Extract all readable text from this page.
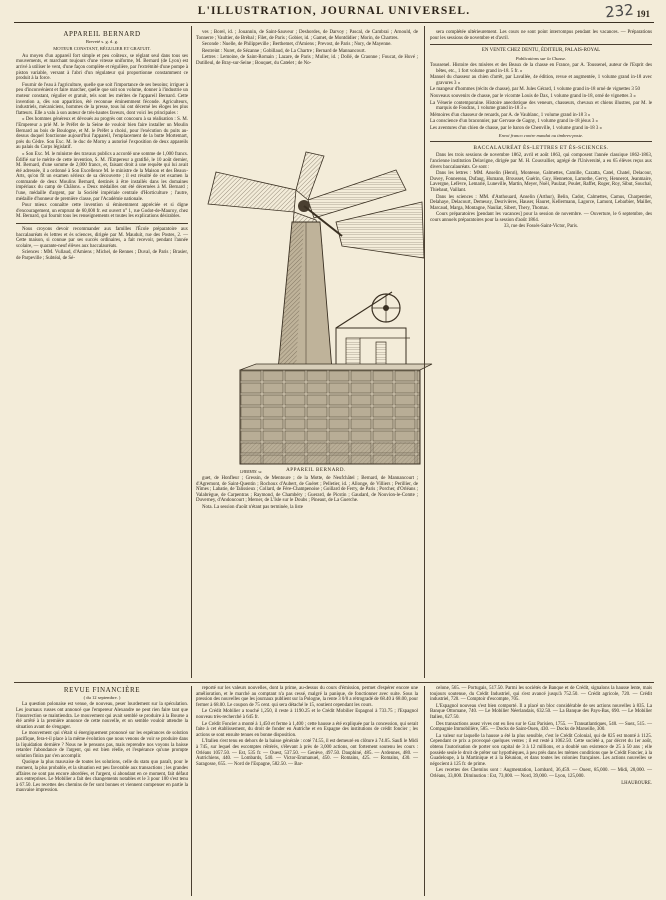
L'ILLUSTRATION, JOURNAL UNIVERSEL.	191
232
APPAREIL BERNARD
Breveté s. g. d. g.
MOTEUR CONSTANT, RÉGULIER ET GRATUIT.

Au moyen d'un appareil fort simple et peu coûteux, se réglant seul dans tous ses mouvements, et marchant toujours d'une vitesse uniforme, M. Bernard (de Lyon) est arrivé à utiliser le vent, d'une façon complète et régulière, par l'extrémité d'une pompe à piston variable, versant à l'abri d'un régulateur qui proportionne constamment ce produit à la force.

Fournir de l'eau à l'agriculture, quelle que soit l'importance de ses besoins; irriguer à peu d'inconvénient et faire marcher, quelle que soit son volume, donner à l'industrie un moteur constant, régulier et gratuit, tels sont les mérites de l'appareil Bernard. Cette invention a, dès son apparition, été reconnue éminemment féconde. Agriculteurs, industriels, mécaniciens, hommes de la presse, tous lui ont décerné les éloges les plus flatteurs. Elle a valu à son auteur de très-hautes faveurs, dont voici les principales :

« Des hommes généreux et dévoués au progrès ont concouru à sa réalisation : S. M. l'Empereur a prié M. le Préfet de la Seine de vouloir bien faire installer un Moulin Bernard au bois de Boulogne, et M. le Préfet a choisi, pour l'exécution du puits au-dessus duquel fonctionne aujourd'hui l'appareil, l'emplacement de la butte Mortemart, près du Cèdre. Son Exc. M. le duc de Morny a autorisé l'exposition de deux appareils au palais du Corps législatif.

« Son Exc. M. le ministre des travaux publics a accordé une somme de 1,000 francs. Édifié sur le mérite de cette invention, S. M. l'Empereur a gratifié, le 10 août dernier, M. Bernard, d'une somme de 2,000 francs, et, faisant droit à une requête qui lui avait été adressée, il a ordonné à Son Excellence M. le ministre de la Maison et des Beaux-Arts, qu'on fît un examen sérieux de sa découverte ; il est résulté de cet examen la commande de deux Moulins Bernard, destinés à être installés dans les domaines impériaux du camp de Châlons. » Deux médailles ont été décernées à M. Bernard ; l'une, médaille d'argent, par la Société impériale centrale d'Horticulture ; l'autre, médaille d'honneur de première classe, par l'Académie nationale.

Pour mieux connaître cette invention si éminemment appréciée et si digne d'encouragement, un emprunt de 60,000 fr. est ouvert n° 1, rue Godot-de-Mauroy, chez M. Bernard, qui fournit tous les renseignements et toutes les explications désirables.

Nous croyons devoir recommander aux familles l'École préparatoire aux baccalauréats ès lettres et ès sciences, dirigée par M. Mauduit, rue des Postes, 2. — Cette maison, si connue par ses succès ordinaires, a fait recevoir, pendant l'année scolaire, — quarante-neuf élèves aux baccalauréats.

Sciences : MM. Vullaud, d'Amiens ; Michel, de Rennes ; Duval, de Paris ; Brasier, de Parpeville ; Subtéal, de Sé-

ves ; Borel, id. ; Jouannin, de Saint-Sauveur ; Deshordes, de Darvoy ; Pascal, de Cambrai ; Arnould, de Tonnerre ; Vaultier, de Brébal ; Filet, de Paris ; Gobier, id. ; Gamet, de Montdidier ; Morin, de Chartres.

Seconde : Nuelle, de Philippeville ; Berthemet, d'Amiens ; Prevost, de Paris ; Nory, de Mayenne.

Restreint : Nuret, de Sézanne ; Gobillaud, de La Chartre ; Bernard de Mannancourt.

Lettres : Lemoine, de Saint-Romain ; Lazare, de Paris ; Muller, id. ; Dollé, de Craonne ; Foucat, de Huvé ; Dutilleul, de Bray-sur-Seine ; Bouquet, du Catelet ; de No-

LHERMIN. sc.	APPAREIL BERNARD.

guet, de Honfleur ; Gressin, de Mentoure ; de la Motte, de Neufchâtel ; Bernard, de Mannancourt ; d'Agremont, de Saint-Quentin ; Rochoux d'Aubert, de Guéret ; Pelletier, id. ; Allonge, de Villiers ; Perillier, de Nîmes ; Labatie, de Talissieux ; Collard, de Fère-Champenoise ; Goillard de Ferry, de Paris ; Porcher, d'Orléans ; Valabrègue, de Carpentras ; Raymond, de Chambéry ; Guerard, de Picstin ; Gaudard, de Nouvion-le-Comte ; Duverney, d'Andoncourt ; Merner, de L'Isle sur le Doubs ; Pineaut, de La Guerche.

Nota. La session d'août n'étant pas terminée, la liste

sera complétée ultérieurement. Les cours ne sont point interrompus pendant les vacances. — Préparations pour les sessions de novembre et d'avril.

EN VENTE CHEZ DENTU, ÉDITEUR, PALAIS-ROYAL
Publications sur la Chasse.
Toussenel. Histoire des misères et des Beaux de la chasse en France, par A. Toussenel, auteur de l'Esprit des bêtes, etc., 1 fort volume grand in-18. 5 fr. »
Manuel du chasseur au chien d'arrêt, par Lavallée, 4e édition, revue et augmentée, 1 volume grand in-18 avec gravures 3 »
Le mangeur d'hommes (récits de chasse), par M. Jules Gérard, 1 volume grand in-18 orné de vignettes 3 50
Nouveaux souvenirs de chasse, par le vicomte Louis de Dax, 1 volume grand in-18, orné de vignettes 3 »
La Vénerie contemporaine. Histoire anecdotique des veneurs, chasseurs, chevaux et chiens illustres, par M. le marquis de Foudras, 1 volume grand in-18 3 »
Mémoires d'un chasseur de renards, par A. de Vaublanc, 1 volume grand in-18 3 »
La conscience d'un braconnier, par Gervase de Gagny, 1 volume grand in-18 jésus 3 »
Les aventures d'un chien de chasse, par le baron de Chenville, 1 volume grand in-18 3 »
Envoi franco contre mandat ou timbres-poste.
BACCALAURÉAT ÈS-LETTRES ET ÈS-SCIENCES.

Dans les trois sessions de novembre 1862, avril et août 1863, qui composent l'année classique 1862-1863, l'ancienne institution Delavigne, dirigée par M. H. Cousvallier, agrégé de l'Université, a eu 65 élèves reçus aux divers baccalauréats. Ce sont :

Dans les lettres : MM. Anselin (Henri), Montesse, Galmettes, Camille, Cazatta, Catel, Chatel, Delacour, Duvey, Fonnereau, Dufaug, Humann, Brousset, Guérin, Guy, Henneton, Lamothe, Gervy, Hennerot, Jeanmaire, Lavergne, Lefèvre, Lemarié, Luneville, Martin, Meyer, Noël, Paulzat, Poulet, Raffet, Roger, Roy, Sibut, Souchal, Thiebaut, Vaillant.

Dans les sciences : MM. d'Anthouard, Anselin (Arthur), Belin, Cadot, Calmettes, Camus, Charpentier, Delahaye, Delacourt, Demeusy, Desrivières, Hauser, Hauret, Kellermann, Lagorce, Lamont, Lebarbier, Maillet, Marcaud, Marga, Montagne, Nauliat, Sibert, Thery, Thomas.

Cours préparatoires [pendant les vacances] pour la session de novembre. — Ouverture, le 6 septembre, des cours annuels préparatoires pour la session d'août 1864.

33, rue des Fossés-Saint-Victor, Paris.

REVUE FINANCIÈRE
( du 12 septembre. )

La question polonaise est venue, de nouveau, peser lourdement sur la spéculation. Les journaux russes ont annoncé que l'empereur Alexandre ne peut rien faire tant que l'insurrection se maintiendra. Le mouvement qui avait semblé se produire à la Bourse a été arrêté à la première annonce de cette nouvelle, et on semble vouloir attendre la situation avant de s'engager.

Le mouvement qui s'était si énergiquement prononcé sur les espérances de solution pacifique, fera-t-il place à la même évolution que nous venons de voir se produire dans la liquidation dernière ? Nous ne le pensons pas, mais reprendre nos voyons la baisse retarder l'abondance de l'argent, qui est bien réelle, et l'espérance qu'une prompte solution finira par s'en accomplir.

Quoique la plus mauvaise de toutes les solutions, celle du statu quo paraît, pour le moment, la plus probable, et la situation est peu favorable aux transactions ; les grandes affaires ne sont pas encore abordées, et l'argent, si abondant en ce moment, fait défaut aux entreprises. Le Mobilier a fait des changements notables et le 3 pour 100 s'est tenu à 67.50. Les recettes des chemins de fer sont bonnes et viennent compenser en partie la mauvaise impression.

reporté sur les valeurs nouvelles, dont la prime, au-dessus du cours d'émission, permet d'espérer encore une amélioration, et le marché au comptant n'a pas cessé, malgré la panique, de fonctionner avec suite. Sous la pression des nouvelles que les journaux publient sur la Pologne, la rente 3 0/0 a rétrogradé de 68.40 à 68.00, pour fermer à 68.00. Le coupon de 75 cent. qui sera détaché le 15, soutient cependant les cours.

Le Crédit Mobilier a touché 1,250, il reste à 1190.25 et le Crédit Mobilier Espagnol à 733.75 ; l'Espagnol nouveau très-recherché à 645 fr.

Le Crédit Foncier a monté à 1,450 et ferme à 1,400 ; cette hausse a été expliquée par la concession, qui serait faite à cet établissement, du droit de fonder en Autriche et en Espagne des institutions de crédit foncier ; les actions se sont ensuite tenues en bonne disposition.

L'Italien s'est tenu en dehors de la baisse générale : coté 74.55, il est demeuré en clôture à 74.05. Saufi le Midi à 745, sur lequel des escomptes réitérés, s'élevant à près de 3,000 actions, ont fortement soutenu les cours : Orléans 1057.50. — Est, 535 fr. — Ouest, 537.50. — Genève, 497.50. Dauphiné, 485. — Ardennes, 480. — Autrichiens, 440. — Lombards, 540. — Victor-Emmanuel, 450. — Romains, 425. — Romains, 430. — Saragosse, 655. — Nord de l'Espagne, 582.50. — Bar-

celone, 565. — Portugais, 517.50. Parmi les sociétés de Banque et de Crédit, signalons la hausse lente, mais toujours soutenue, du Crédit Industriel, qui s'est avancé jusqu'à 752.50. — Crédit agricole, 720. — Crédit industriel, 720. — Comptoir d'escompte, 705.

L'Espagnol nouveau s'est bien comporté. Il a placé un bloc considérable de ses actions nouvelles à 835. La Banque Ottomane, 740. — Le Mobilier Néerlandais, 632.50. — La Banque des Pays-Bas, 690. — Le Mobilier Italien, 627.50.

Des transactions assez vives ont eu lieu sur le Gaz Parisien, 1755. — Transatlantiques, 540. — Suez, 515. — Compagnie Immobilière, 585. — Docks de Saint-Ouen, 430. — Docks de Marseille, 300.

La valeur sur laquelle la hausse a été la plus sensible, c'est le Crédit Colonial, qui de 825 est monté à 1125. Cependant ce prix a provoqué quelques ventes ; il est resté à 1062.50. Cette société a, par décret du 1er août, obtenu l'autorisation de porter son capital de 3 à 12 millions, et a doublé son existence de 25 à 50 ans ; elle possède seule le droit de prêter sur hypothèques, à peu près dans les mêmes conditions que le Crédit Foncier, à la Guadeloupe, à la Martinique et à la Réunion, et dans toutes les colonies françaises. Les actions nouvelles se négocient à 125 fr. de prime.

Les recettes des Chemins sont : Augmentation, Lombard, 36,459. — Ouest, 85,000. — Midi, 28,000. — Orléans, 33,000. Diminution : Est, 73,000. — Nord, 39,000. — Lyon, 125,000.

LHAUBOURE.
